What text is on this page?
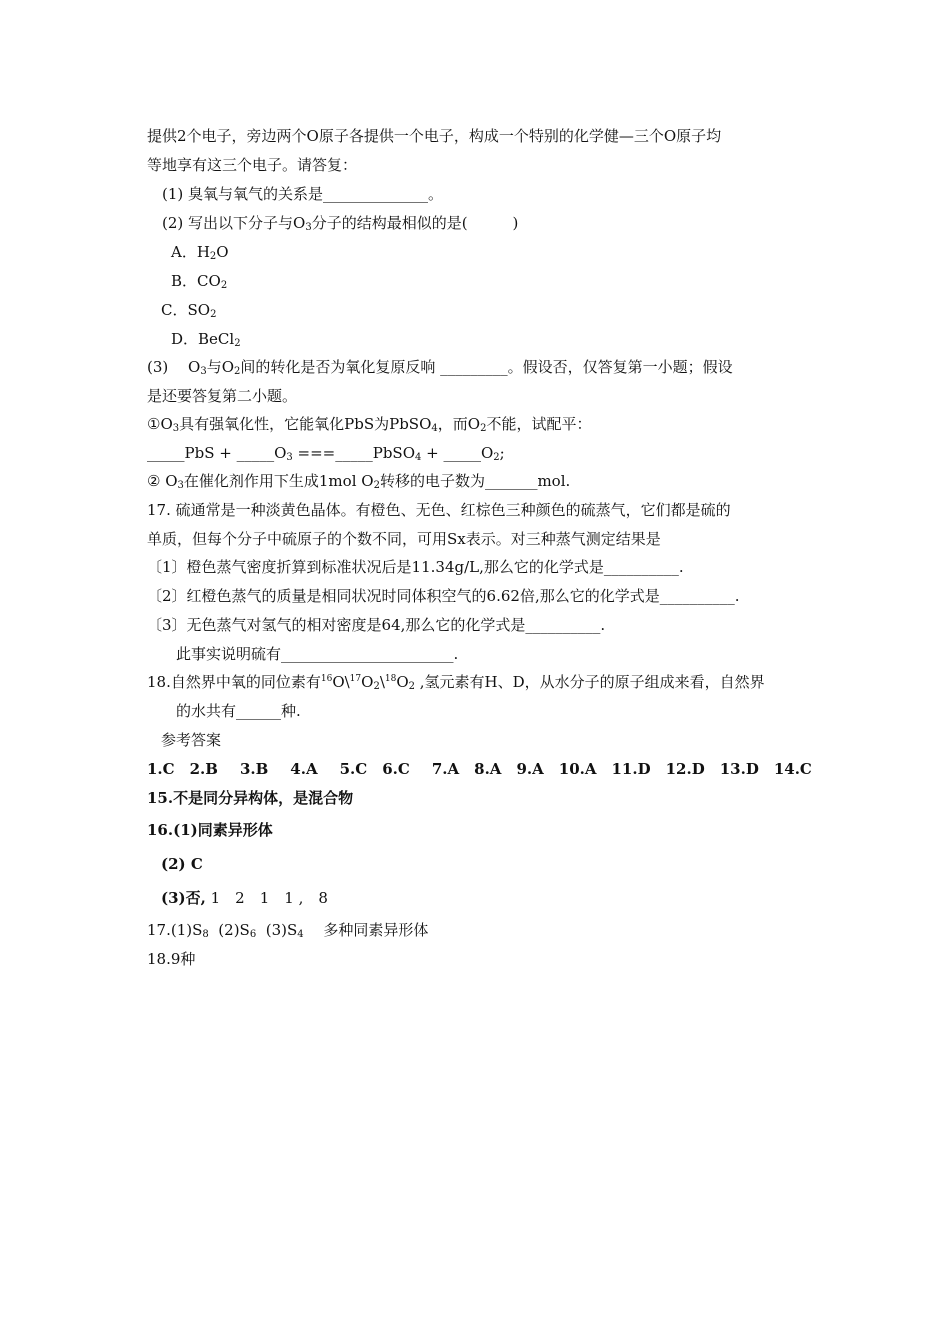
提供2个电子，旁边两个O原子各提供一个电子，构成一个特别的化学健—三个O原子均
等地享有这三个电子。请答复：
(1) 臭氧与氧气的关系是______________。
(2) 写出以下分子与$O_3$分子的结构最相似的是(　　　)
A．$H_2O$
B．$CO_2$
C．$SO_2$
D．BeCl$_2$
(3)　 $O_3$与$O_2$间的转化是否为氧化复原反响 _________。假设否，仅答复第一小题；假设
是还要答复第二小题。
$①O_3$具有强氧化性，它能氧化PbS为PbSO$_4$，而$O_2$不能，试配平：
_____PbS + $\_\_\_\_\_O_3$ ===_____PbSO$_4$ + $\_\_\_\_\_O_2$;
② $O_3$在催化剂作用下生成1mol $O_2$转移的电子数为_______mol.
17. 硫通常是一种淡黄色晶体。有橙色、无色、红棕色三种颜色的硫蒸气，它们都是硫的
单质，但每个分子中硫原子的个数不同，可用Sx表示。对三种蒸气测定结果是
〔1〕橙色蒸气密度折算到标准状况后是11.34g/L,那么它的化学式是__________.
〔2〕红橙色蒸气的质量是相同状况时同体积空气的6.62倍,那么它的化学式是__________.
〔3〕无色蒸气对氢气的相对密度是64,那么它的化学式是__________.
此事实说明硫有_______________________.
18.自然界中氧的同位素有$^{16}O\backslash^{17}O_2\backslash^{18}O_2$ ,氢元素有H、D，从水分子的原子组成来看，自然界
的水共有______种.
参考答案
1.C 2.B 3.B 4.A 5.C 6.C 7.A 8.A 9.A 10.A 11.D 12.D 13.D 14.C
15.不是同分异构体，是混合物
16.(1)同素异形体
(2) C
(3)否, 1　2　1　1 ,　8
$17.(1)S_8$  $(2)S_6$  $(3)S_4$　 多种同素异形体
18.9种
